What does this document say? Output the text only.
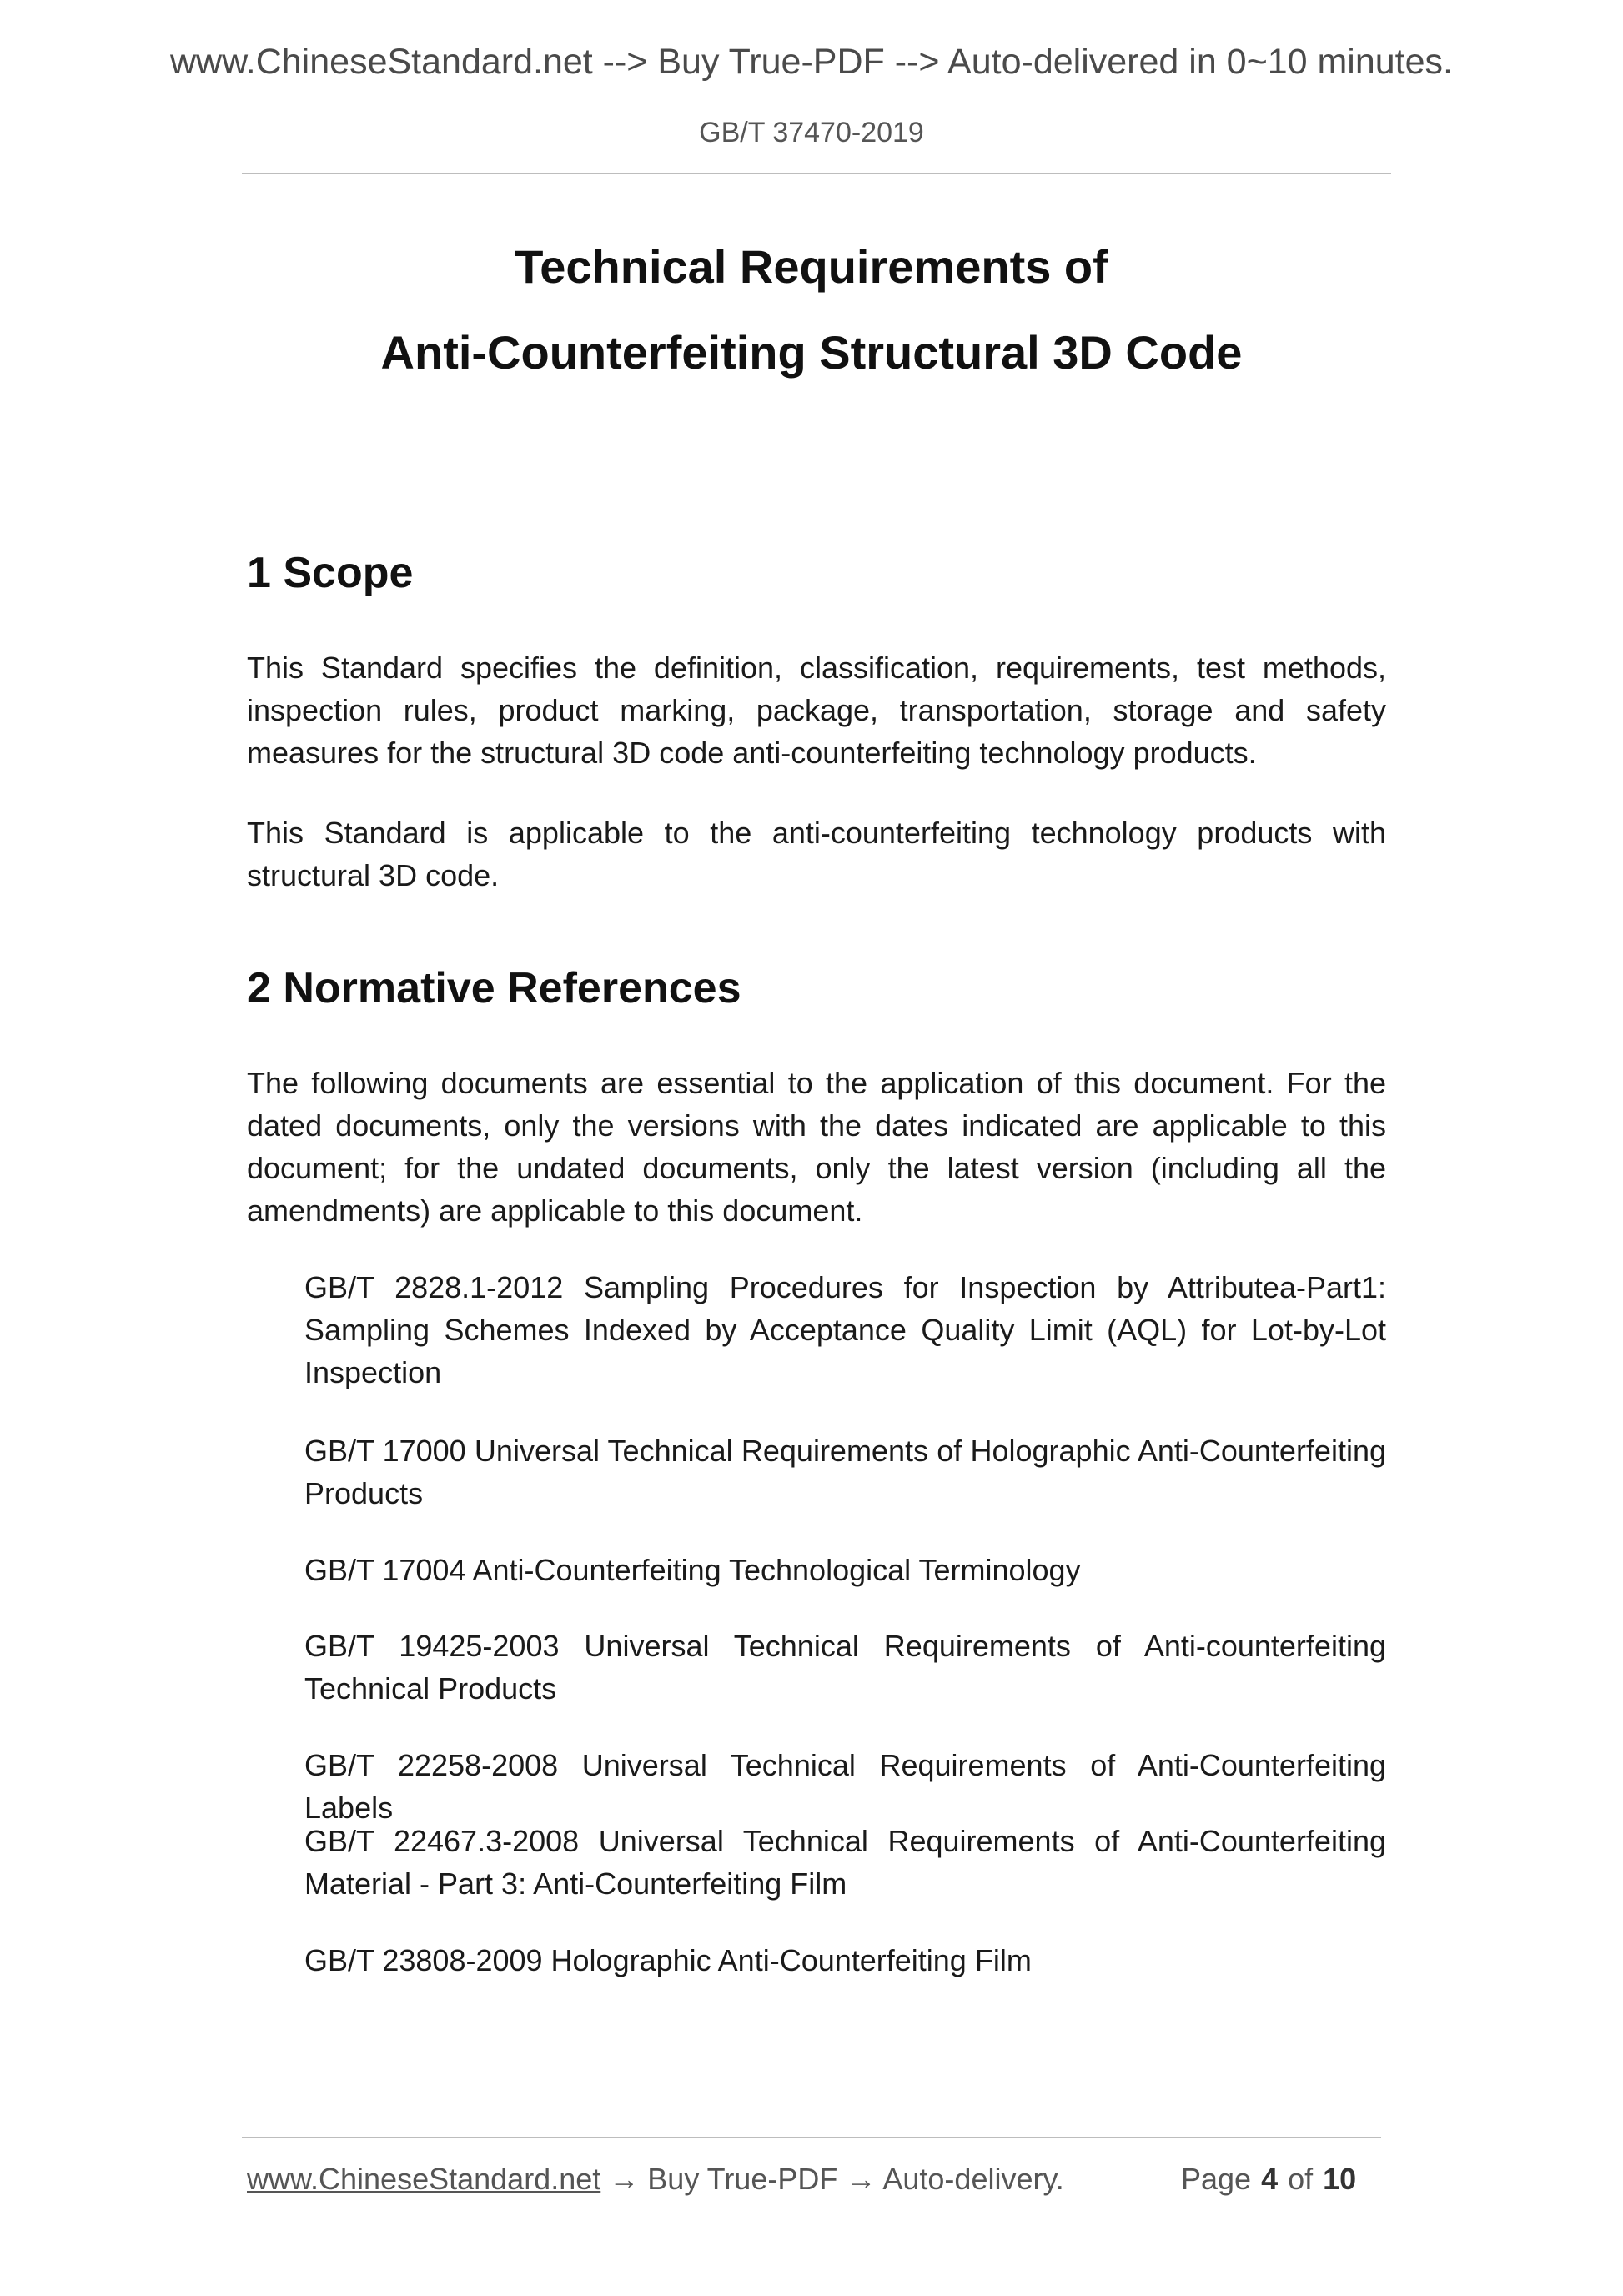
www.ChineseStandard.net --> Buy True-PDF --> Auto-delivered in 0~10 minutes.
GB/T 37470-2019
Technical Requirements of
Anti-Counterfeiting Structural 3D Code
1 Scope

This Standard specifies the definition, classification, requirements, test methods, inspection rules, product marking, package, transportation, storage and safety measures for the structural 3D code anti-counterfeiting technology products.

This Standard is applicable to the anti-counterfeiting technology products with structural 3D code.

2 Normative References

The following documents are essential to the application of this document. For the dated documents, only the versions with the dates indicated are applicable to this document; for the undated documents, only the latest version (including all the amendments) are applicable to this document.

GB/T 2828.1-2012 Sampling Procedures for Inspection by Attributea-Part1: Sampling Schemes Indexed by Acceptance Quality Limit (AQL) for Lot-by-Lot Inspection

GB/T 17000 Universal Technical Requirements of Holographic Anti-Counterfeiting Products

GB/T 17004 Anti-Counterfeiting Technological Terminology

GB/T 19425-2003 Universal Technical Requirements of Anti-counterfeiting Technical Products

GB/T 22258-2008 Universal Technical Requirements of Anti-Counterfeiting Labels

GB/T 22467.3-2008 Universal Technical Requirements of Anti-Counterfeiting Material - Part 3: Anti-Counterfeiting Film

GB/T 23808-2009 Holographic Anti-Counterfeiting Film

www.ChineseStandard.net → Buy True-PDF → Auto-delivery.	Page 4 of 10
